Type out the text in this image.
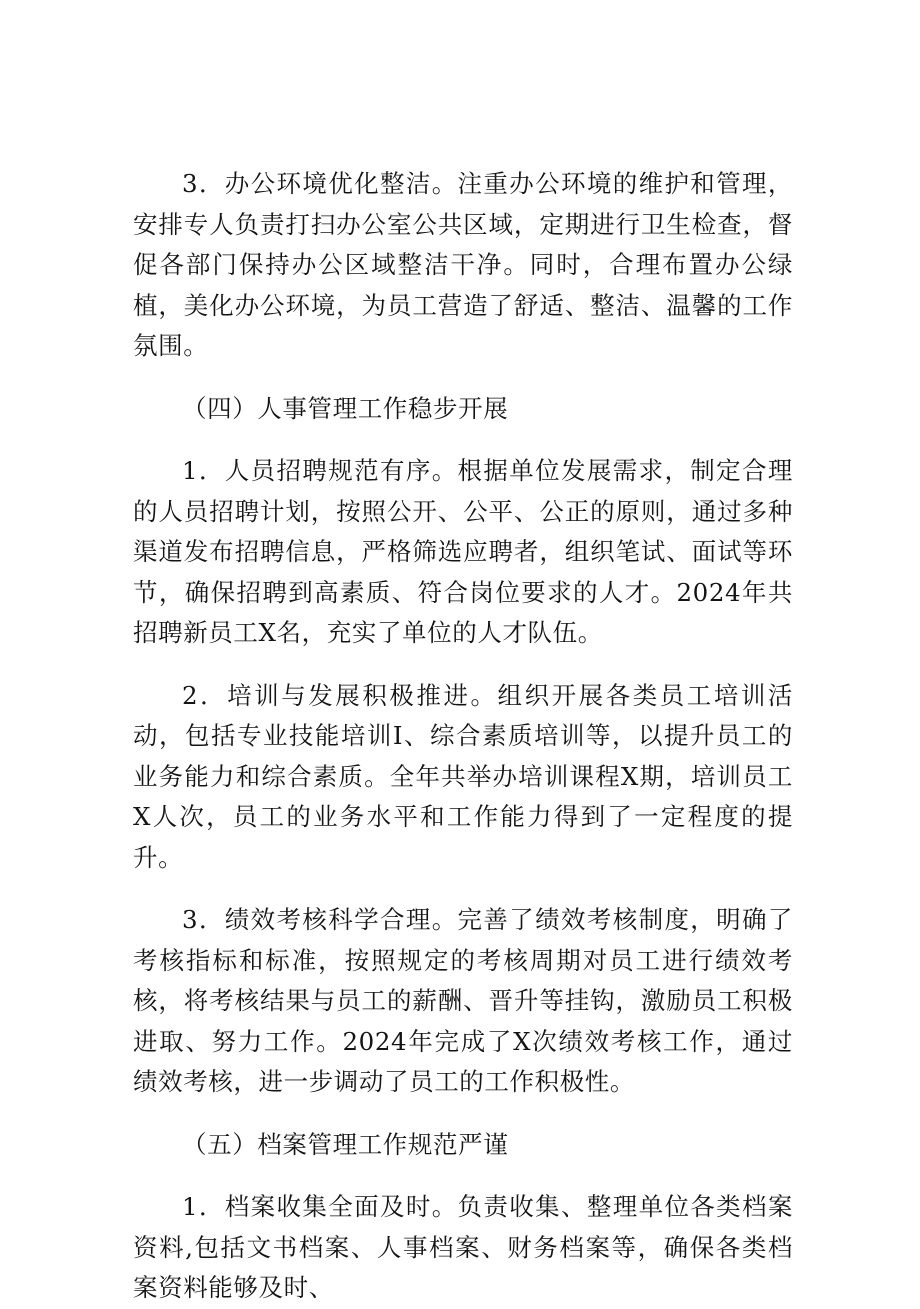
3．办公环境优化整洁。注重办公环境的维护和管理，安排专人负责打扫办公室公共区域，定期进行卫生检查，督促各部门保持办公区域整洁干净。同时，合理布置办公绿植，美化办公环境，为员工营造了舒适、整洁、温馨的工作氛围。

（四）人事管理工作稳步开展

1．人员招聘规范有序。根据单位发展需求，制定合理的人员招聘计划，按照公开、公平、公正的原则，通过多种渠道发布招聘信息，严格筛选应聘者，组织笔试、面试等环节，确保招聘到高素质、符合岗位要求的人才。2024年共招聘新员工X名，充实了单位的人才队伍。

2．培训与发展积极推进。组织开展各类员工培训活动，包括专业技能培训I、综合素质培训等，以提升员工的业务能力和综合素质。全年共举办培训课程X期，培训员工X人次，员工的业务水平和工作能力得到了一定程度的提升。

3．绩效考核科学合理。完善了绩效考核制度，明确了考核指标和标准，按照规定的考核周期对员工进行绩效考核，将考核结果与员工的薪酬、晋升等挂钩，激励员工积极进取、努力工作。2024年完成了X次绩效考核工作，通过绩效考核，进一步调动了员工的工作积极性。

（五）档案管理工作规范严谨

1．档案收集全面及时。负责收集、整理单位各类档案资料,包括文书档案、人事档案、财务档案等，确保各类档案资料能够及时、
